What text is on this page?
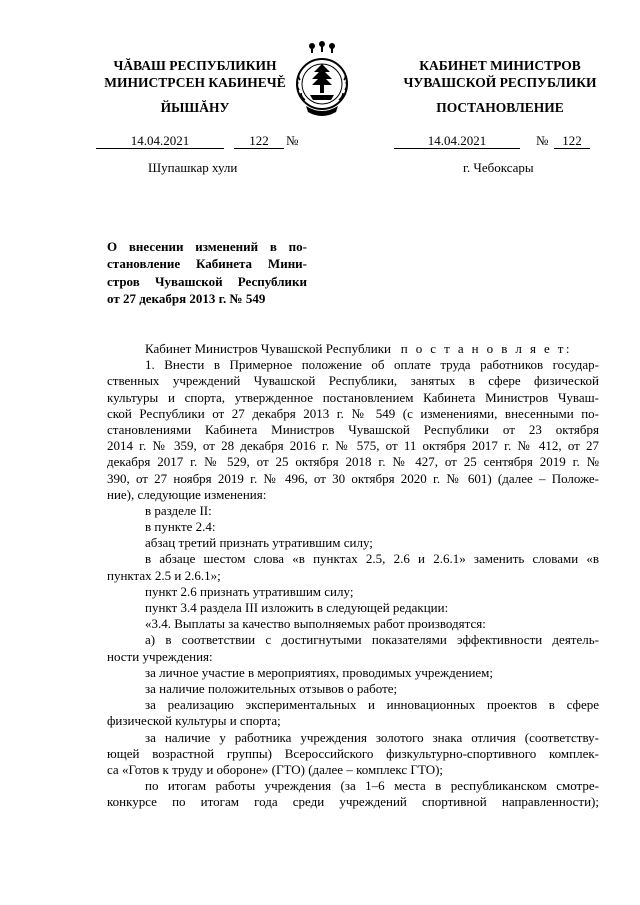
ЧĂВАШ РЕСПУБЛИКИН
МИНИСТРСЕН КАБИНЕЧĚ
ЙЫШĂНУ
КАБИНЕТ МИНИСТРОВ
ЧУВАШСКОЙ РЕСПУБЛИКИ
ПОСТАНОВЛЕНИЕ
14.04.2021	122	№	14.04.2021	№	122
Шупашкар хули	г. Чебоксары
О внесении изменений в по-
становление Кабинета Мини-
стров Чувашской Республики
от 27 декабря 2013 г. № 549
Кабинет Министров Чувашской Республики п о с т а н о в л я е т:
1. Внести в Примерное положение об оплате труда работников государ-
ственных учреждений Чувашской Республики, занятых в сфере физической
культуры и спорта, утвержденное постановлением Кабинета Министров Чуваш-
ской Республики от 27 декабря 2013 г. № 549 (с изменениями, внесенными по-
становлениями Кабинета Министров Чувашской Республики от 23 октября
2014 г. № 359, от 28 декабря 2016 г. № 575, от 11 октября 2017 г. № 412, от 27
декабря 2017 г. № 529, от 25 октября 2018 г. № 427, от 25 сентября 2019 г. №
390, от 27 ноября 2019 г. № 496, от 30 октября 2020 г. № 601) (далее – Положе-
ние), следующие изменения:
в разделе II:
в пункте 2.4:
абзац третий признать утратившим силу;
в абзаце шестом слова «в пунктах 2.5, 2.6 и 2.6.1» заменить словами «в
пунктах 2.5 и 2.6.1»;
пункт 2.6 признать утратившим силу;
пункт 3.4 раздела III изложить в следующей редакции:
«3.4. Выплаты за качество выполняемых работ производятся:
а) в соответствии с достигнутыми показателями эффективности деятель-
ности учреждения:
за личное участие в мероприятиях, проводимых учреждением;
за наличие положительных отзывов о работе;
за реализацию экспериментальных и инновационных проектов в сфере
физической культуры и спорта;
за наличие у работника учреждения золотого знака отличия (соответству-
ющей возрастной группы) Всероссийского физкультурно-спортивного комплек-
са «Готов к труду и обороне» (ГТО) (далее – комплекс ГТО);
по итогам работы учреждения (за 1–6 места в республиканском смотре-
конкурсе по итогам года среди учреждений спортивной направленности);
